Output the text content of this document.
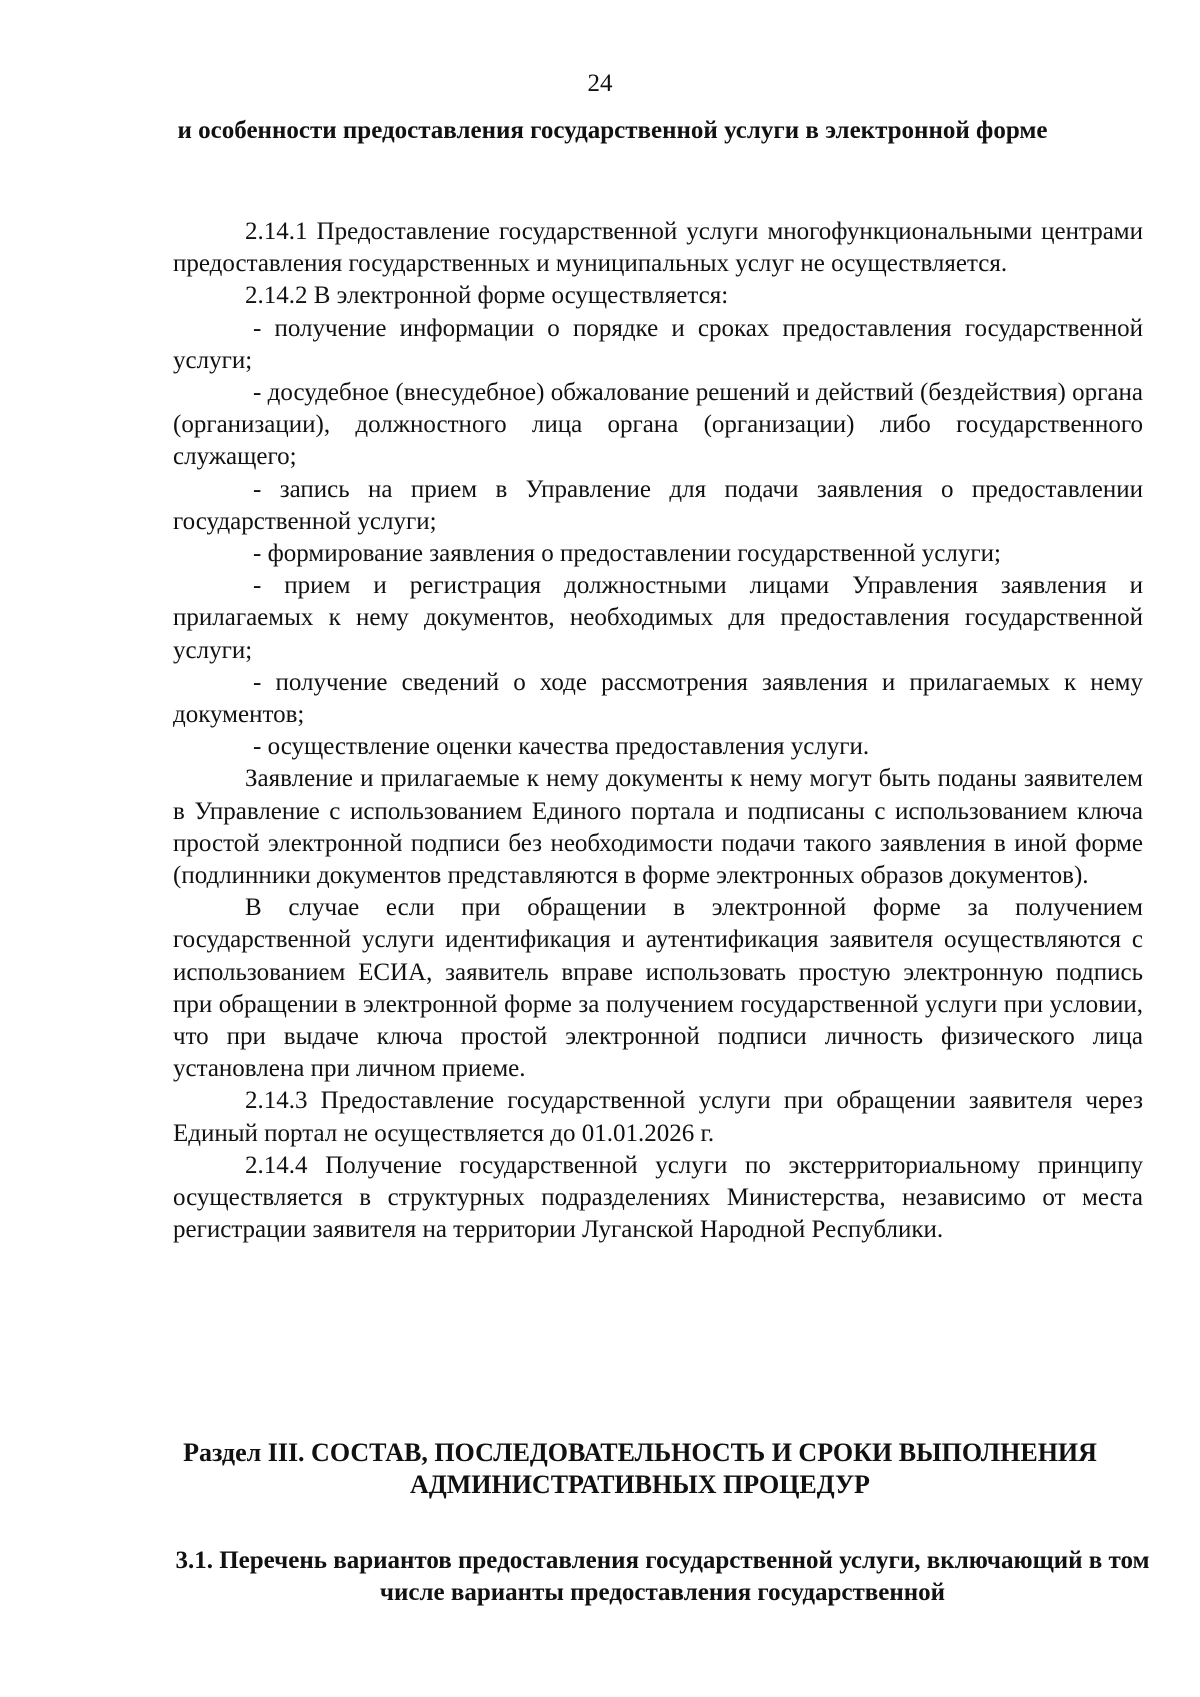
24
и особенности предоставления государственной услуги в электронной форме

2.14.1 Предоставление государственной услуги многофункциональными центрами предоставления государственных и муниципальных услуг не осуществляется.

2.14.2 В электронной форме осуществляется:

- получение информации о порядке и сроках предоставления государственной услуги;

- досудебное (внесудебное) обжалование решений и действий (бездействия) органа (организации), должностного лица органа (организации) либо государственного служащего;

- запись на прием в Управление для подачи заявления о предоставлении государственной услуги;

- формирование заявления о предоставлении государственной услуги;

- прием и регистрация должностными лицами Управления заявления и прилагаемых к нему документов, необходимых для предоставления государственной услуги;

- получение сведений о ходе рассмотрения заявления и прилагаемых к нему документов;

- осуществление оценки качества предоставления услуги.

Заявление и прилагаемые к нему документы к нему могут быть поданы заявителем в Управление с использованием Единого портала и подписаны с использованием ключа простой электронной подписи без необходимости подачи такого заявления в иной форме (подлинники документов представляются в форме электронных образов документов).

В случае если при обращении в электронной форме за получением государственной услуги идентификация и аутентификация заявителя осуществляются с использованием ЕСИА, заявитель вправе использовать простую электронную подпись при обращении в электронной форме за получением государственной услуги при условии, что при выдаче ключа простой электронной подписи личность физического лица установлена при личном приеме.

2.14.3 Предоставление государственной услуги при обращении заявителя через Единый портал не осуществляется до 01.01.2026 г.

2.14.4 Получение государственной услуги по экстерриториальному принципу осуществляется в структурных подразделениях Министерства, независимо от места регистрации заявителя на территории Луганской Народной Республики.

Раздел III. СОСТАВ, ПОСЛЕДОВАТЕЛЬНОСТЬ И СРОКИ ВЫПОЛНЕНИЯ АДМИНИСТРАТИВНЫХ ПРОЦЕДУР
3.1. Перечень вариантов предоставления государственной услуги, включающий в том числе варианты предоставления государственной
